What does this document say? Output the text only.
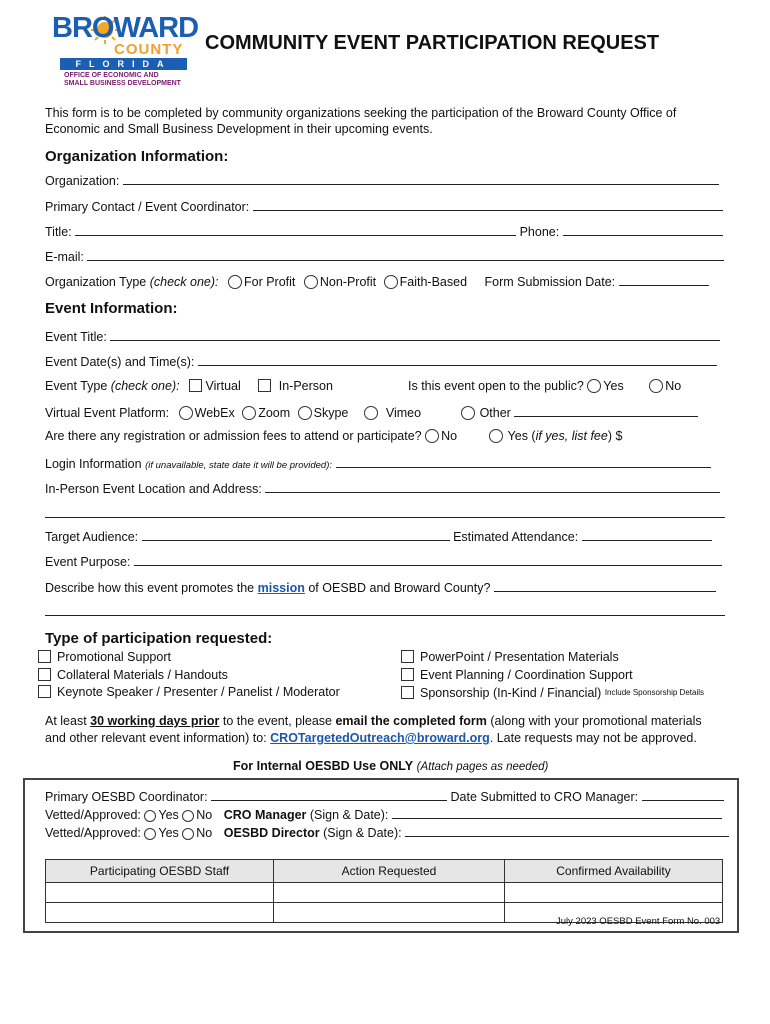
BROWARD
COUNTY
FLORIDA
OFFICE OF ECONOMIC AND
SMALL BUSINESS DEVELOPMENT
COMMUNITY EVENT PARTICIPATION REQUEST
This form is to be completed by community organizations seeking the participation of the Broward County Office of
Economic and Small Business Development in their upcoming events.
Organization Information:
Organization:
Primary Contact / Event Coordinator:
Title:	Phone:
E-mail:
Organization Type (check one): For Profit Non-Profit Faith-Based Form Submission Date:
Event Information:
Event Title:
Event Date(s) and Time(s):
Event Type (check one): Virtual	In-Person	Is this event open to the public? Yes	No
Virtual Event Platform: WebEx Zoom Skype	Vimeo	Other
Are there any registration or admission fees to attend or participate? No	Yes (if yes, list fee) $
Login Information (if unavailable, state date it will be provided):
In-Person Event Location and Address:
Target Audience:	Estimated Attendance:
Event Purpose:
Describe how this event promotes the mission of OESBD and Broward County?
Type of participation requested:
Promotional Support
Collateral Materials / Handouts
Keynote Speaker / Presenter / Panelist / Moderator
PowerPoint / Presentation Materials
Event Planning / Coordination Support
Sponsorship (In-Kind / Financial) Include Sponsorship Details
At least 30 working days prior to the event, please email the completed form (along with your promotional materials
and other relevant event information) to: CROTargetedOutreach@broward.org. Late requests may not be approved.
For Internal OESBD Use ONLY (Attach pages as needed)
Primary OESBD Coordinator:	Date Submitted to CRO Manager:
Vetted/Approved: Yes No CRO Manager (Sign & Date):
Vetted/Approved: Yes No OESBD Director (Sign & Date):
Participating OESBD Staff	Action Requested	Confirmed Availability

July 2023 OESBD Event Form No. 003
